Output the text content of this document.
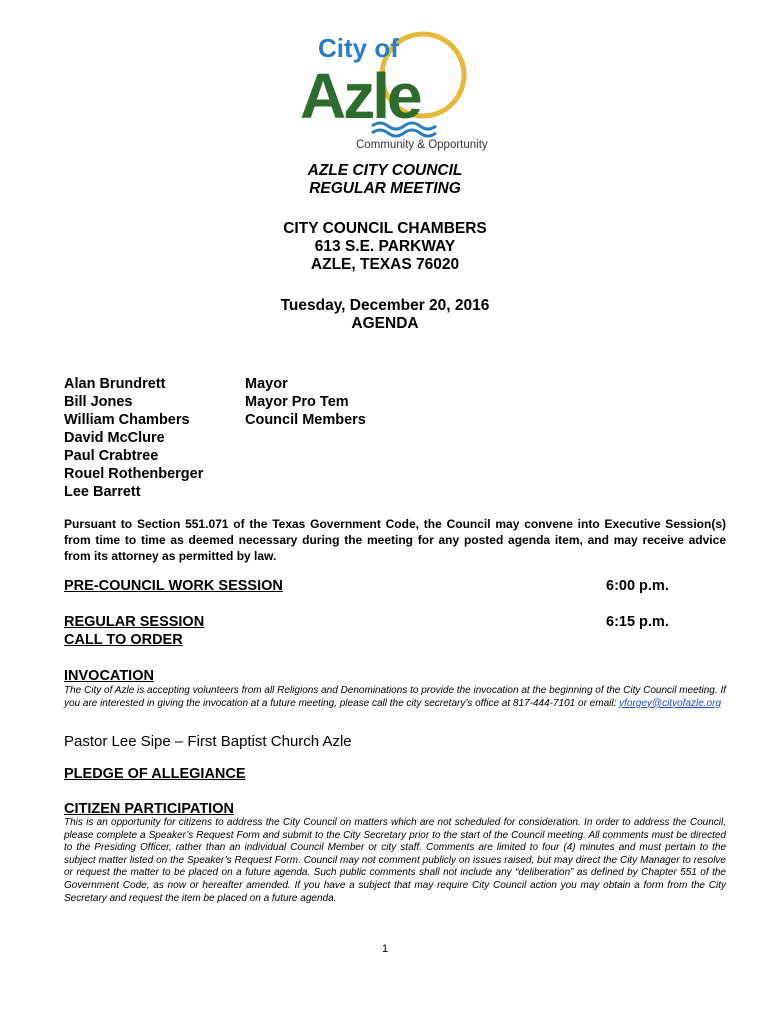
City of
Azle
Community & Opportunity
AZLE CITY COUNCIL
REGULAR MEETING
CITY COUNCIL CHAMBERS
613 S.E. PARKWAY
AZLE, TEXAS 76020
Tuesday, December 20, 2016
AGENDA
Alan Brundrett
Bill Jones
William Chambers
David McClure
Paul Crabtree
Rouel Rothenberger
Lee Barrett
Mayor
Mayor Pro Tem
Council Members
Pursuant to Section 551.071 of the Texas Government Code, the Council may convene into Executive Session(s) from time to time as deemed necessary during the meeting for any posted agenda item, and may receive advice from its attorney as permitted by law.
PRE-COUNCIL WORK SESSION	6:00 p.m.
REGULAR SESSION	6:15 p.m.
CALL TO ORDER
INVOCATION
The City of Azle is accepting volunteers from all Religions and Denominations to provide the invocation at the beginning of the City Council meeting. If you are interested in giving the invocation at a future meeting, please call the city secretary’s office at 817-444-7101 or email: yforgey@cityofazle.org
Pastor Lee Sipe – First Baptist Church Azle
PLEDGE OF ALLEGIANCE
CITIZEN PARTICIPATION
This is an opportunity for citizens to address the City Council on matters which are not scheduled for consideration. In order to address the Council, please complete a Speaker’s Request Form and submit to the City Secretary prior to the start of the Council meeting. All comments must be directed to the Presiding Officer, rather than an individual Council Member or city staff. Comments are limited to four (4) minutes and must pertain to the subject matter listed on the Speaker’s Request Form. Council may not comment publicly on issues raised, but may direct the City Manager to resolve or request the matter to be placed on a future agenda. Such public comments shall not include any “deliberation” as defined by Chapter 551 of the Government Code, as now or hereafter amended. If you have a subject that may require City Council action you may obtain a form from the City Secretary and request the item be placed on a future agenda.
1
